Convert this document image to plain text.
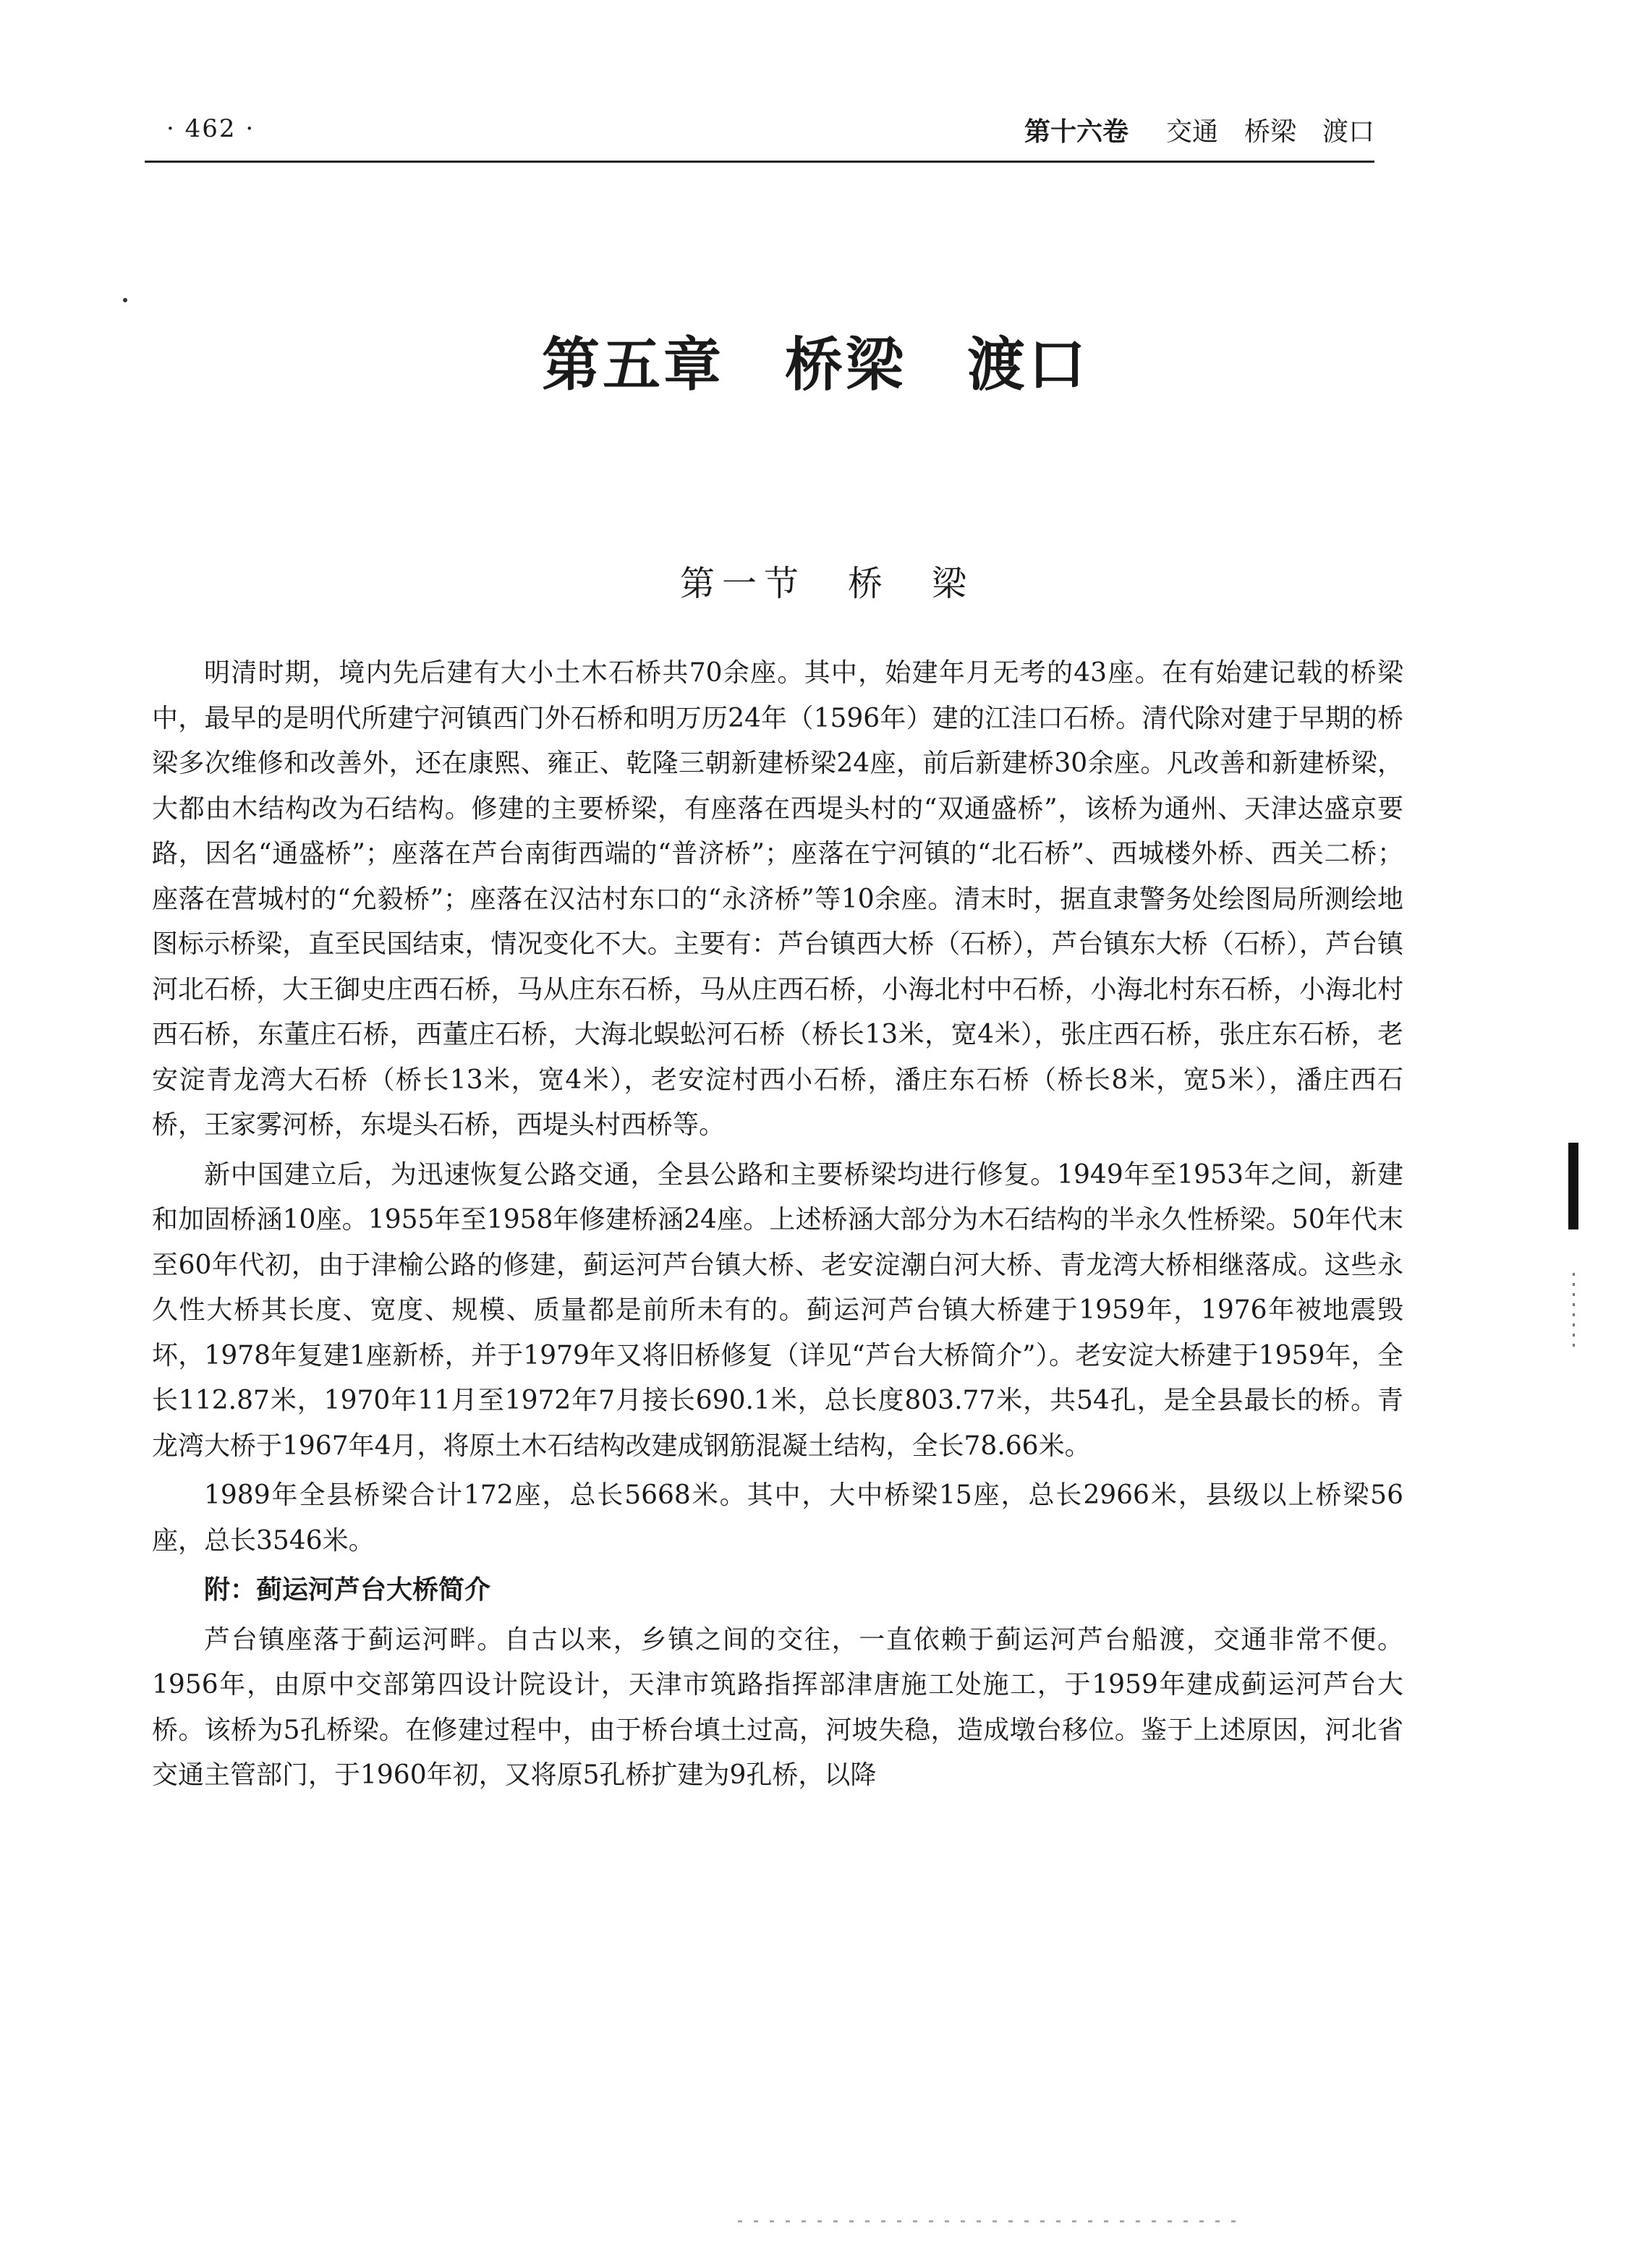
· 462 ·	第十六卷 交通 桥梁 渡口
第五章　桥梁　渡口
第一节　桥　梁

明清时期，境内先后建有大小土木石桥共70余座。其中，始建年月无考的43座。在有始建记载的桥梁中，最早的是明代所建宁河镇西门外石桥和明万历24年（1596年）建的江洼口石桥。清代除对建于早期的桥梁多次维修和改善外，还在康熙、雍正、乾隆三朝新建桥梁24座，前后新建桥30余座。凡改善和新建桥梁，大都由木结构改为石结构。修建的主要桥梁，有座落在西堤头村的“双通盛桥”，该桥为通州、天津达盛京要路，因名“通盛桥”；座落在芦台南街西端的“普济桥”；座落在宁河镇的“北石桥”、西城楼外桥、西关二桥；座落在营城村的“允毅桥”；座落在汉沽村东口的“永济桥”等10余座。清末时，据直隶警务处绘图局所测绘地图标示桥梁，直至民国结束，情况变化不大。主要有：芦台镇西大桥（石桥），芦台镇东大桥（石桥），芦台镇河北石桥，大王御史庄西石桥，马从庄东石桥，马从庄西石桥，小海北村中石桥，小海北村东石桥，小海北村西石桥，东董庄石桥，西董庄石桥，大海北蜈蚣河石桥（桥长13米，宽4米），张庄西石桥，张庄东石桥，老安淀青龙湾大石桥（桥长13米，宽4米），老安淀村西小石桥，潘庄东石桥（桥长8米，宽5米），潘庄西石桥，王家雾河桥，东堤头石桥，西堤头村西桥等。

新中国建立后，为迅速恢复公路交通，全县公路和主要桥梁均进行修复。1949年至1953年之间，新建和加固桥涵10座。1955年至1958年修建桥涵24座。上述桥涵大部分为木石结构的半永久性桥梁。50年代末至60年代初，由于津榆公路的修建，蓟运河芦台镇大桥、老安淀潮白河大桥、青龙湾大桥相继落成。这些永久性大桥其长度、宽度、规模、质量都是前所未有的。蓟运河芦台镇大桥建于1959年，1976年被地震毁坏，1978年复建1座新桥，并于1979年又将旧桥修复（详见“芦台大桥简介”）。老安淀大桥建于1959年，全长112.87米，1970年11月至1972年7月接长690.1米，总长度803.77米，共54孔，是全县最长的桥。青龙湾大桥于1967年4月，将原土木石结构改建成钢筋混凝土结构，全长78.66米。

1989年全县桥梁合计172座，总长5668米。其中，大中桥梁15座，总长2966米，县级以上桥梁56座，总长3546米。

附：蓟运河芦台大桥简介

芦台镇座落于蓟运河畔。自古以来，乡镇之间的交往，一直依赖于蓟运河芦台船渡，交通非常不便。1956年，由原中交部第四设计院设计，天津市筑路指挥部津唐施工处施工，于1959年建成蓟运河芦台大桥。该桥为5孔桥梁。在修建过程中，由于桥台填土过高，河坡失稳，造成墩台移位。鉴于上述原因，河北省交通主管部门，于1960年初，又将原5孔桥扩建为9孔桥，以降
